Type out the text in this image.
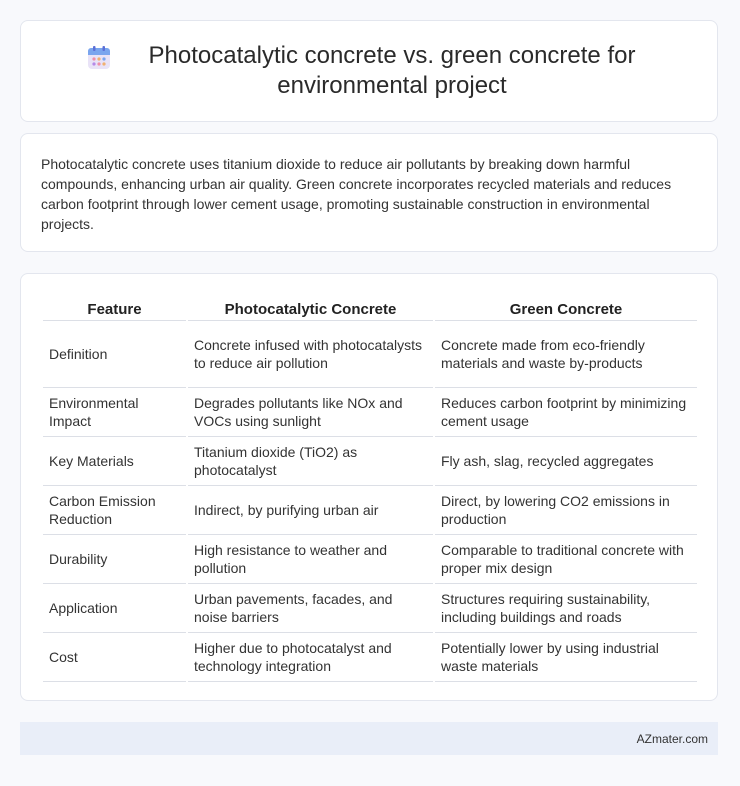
Photocatalytic concrete vs. green concrete for environmental project

Photocatalytic concrete uses titanium dioxide to reduce air pollutants by breaking down harmful compounds, enhancing urban air quality. Green concrete incorporates recycled materials and reduces carbon footprint through lower cement usage, promoting sustainable construction in environmental projects.

Feature	Photocatalytic Concrete	Green Concrete
Definition	Concrete infused with photocatalysts to reduce air pollution	Concrete made from eco-friendly materials and waste by-products
Environmental Impact	Degrades pollutants like NOx and VOCs using sunlight	Reduces carbon footprint by minimizing cement usage
Key Materials	Titanium dioxide (TiO2) as photocatalyst	Fly ash, slag, recycled aggregates
Carbon Emission Reduction	Indirect, by purifying urban air	Direct, by lowering CO2 emissions in production
Durability	High resistance to weather and pollution	Comparable to traditional concrete with proper mix design
Application	Urban pavements, facades, and noise barriers	Structures requiring sustainability, including buildings and roads
Cost	Higher due to photocatalyst and technology integration	Potentially lower by using industrial waste materials
AZmater.com
